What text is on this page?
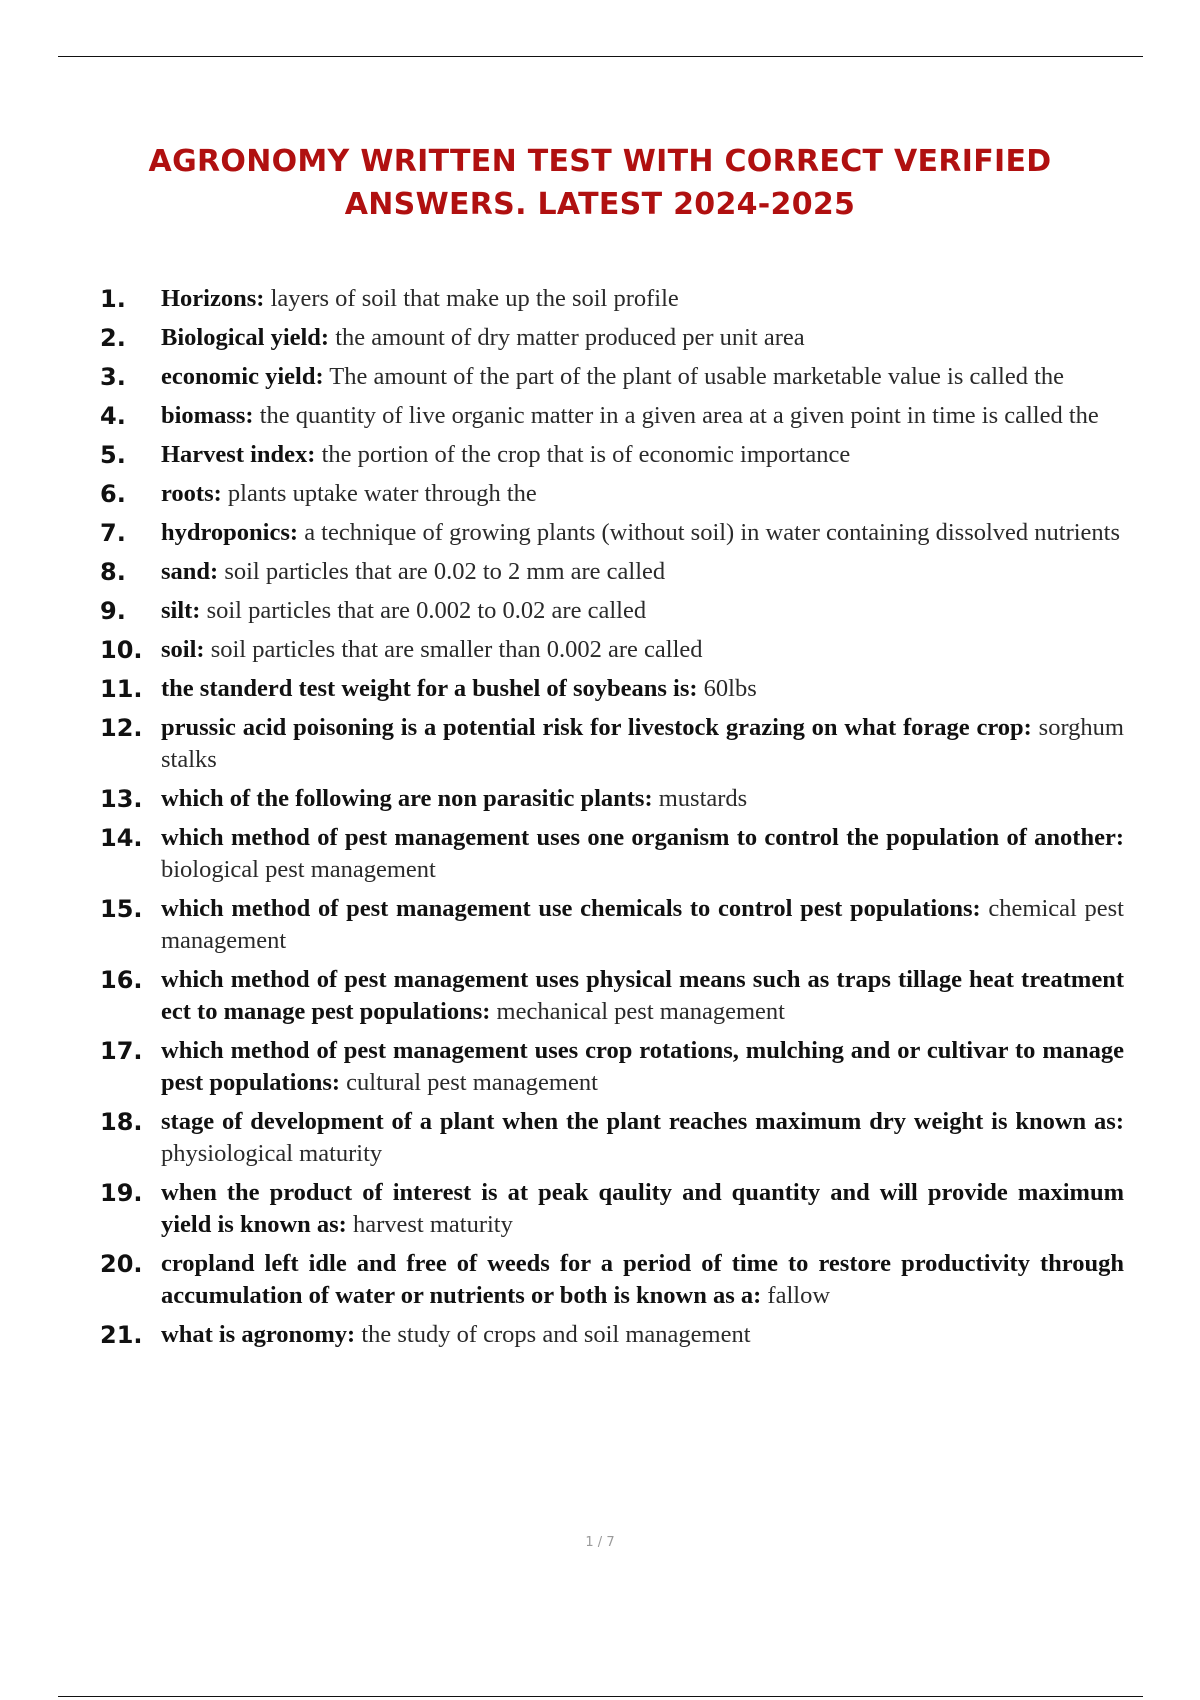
AGRONOMY WRITTEN TEST WITH CORRECT VERIFIED
ANSWERS. LATEST 2024-2025
1. Horizons: layers of soil that make up the soil profile
2. Biological yield: the amount of dry matter produced per unit area
3. economic yield: The amount of the part of the plant of usable marketable value is called the
4. biomass: the quantity of live organic matter in a given area at a given point in time is called the
5. Harvest index: the portion of the crop that is of economic importance
6. roots: plants uptake water through the
7. hydroponics: a technique of growing plants (without soil) in water containing dissolved nutrients
8. sand: soil particles that are 0.02 to 2 mm are called
9. silt: soil particles that are 0.002 to 0.02 are called
10. soil: soil particles that are smaller than 0.002 are called
11. the standerd test weight for a bushel of soybeans is: 60lbs
12. prussic acid poisoning is a potential risk for livestock grazing on what forage crop: sorghum stalks
13. which of the following are non parasitic plants: mustards
14. which method of pest management uses one organism to control the population of another: biological pest management
15. which method of pest management use chemicals to control pest populations: chemical pest management
16. which method of pest management uses physical means such as traps tillage heat treatment ect to manage pest populations: mechanical pest management
17. which method of pest management uses crop rotations, mulching and or cultivar to manage pest populations: cultural pest management
18. stage of development of a plant when the plant reaches maximum dry weight is known as: physiological maturity
19. when the product of interest is at peak qaulity and quantity and will provide maximum yield is known as: harvest maturity
20. cropland left idle and free of weeds for a period of time to restore productivity through accumulation of water or nutrients or both is known as a: fallow
21. what is agronomy: the study of crops and soil management
1 / 7
